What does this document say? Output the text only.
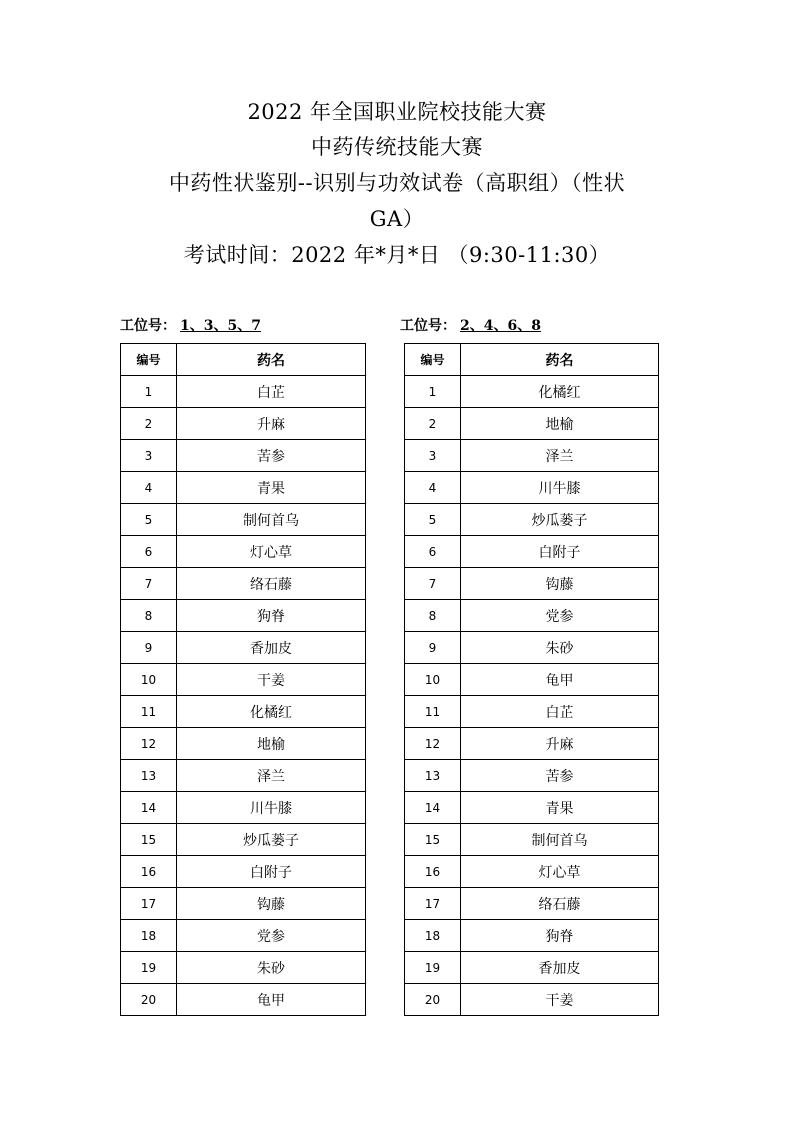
2022 年全国职业院校技能大赛
中药传统技能大赛
中药性状鉴别--识别与功效试卷（高职组）（性状
GA）
考试时间：2022 年*月*日 （9:30-11:30）
工位号： 1、3、5、7	工位号： 2、4、6、8
编号	药名
1	白芷
2	升麻
3	苦参
4	青果
5	制何首乌
6	灯心草
7	络石藤
8	狗脊
9	香加皮
10	干姜
11	化橘红
12	地榆
13	泽兰
14	川牛膝
15	炒瓜蒌子
16	白附子
17	钩藤
18	党参
19	朱砂
20	龟甲
编号	药名
1	化橘红
2	地榆
3	泽兰
4	川牛膝
5	炒瓜蒌子
6	白附子
7	钩藤
8	党参
9	朱砂
10	龟甲
11	白芷
12	升麻
13	苦参
14	青果
15	制何首乌
16	灯心草
17	络石藤
18	狗脊
19	香加皮
20	干姜
